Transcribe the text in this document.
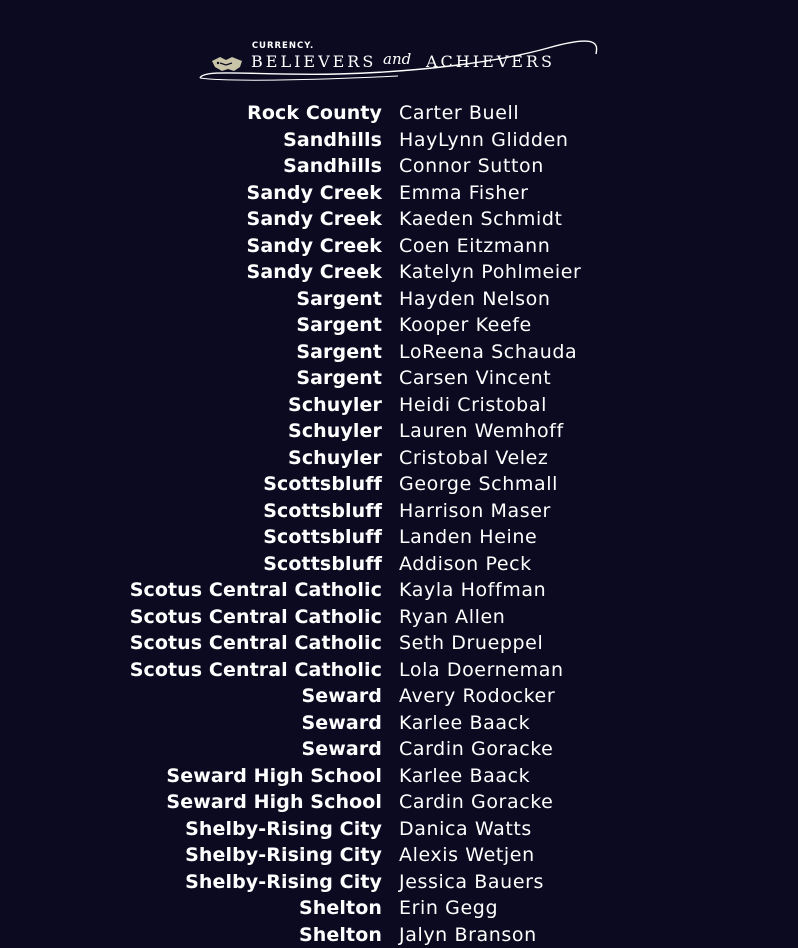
CURRENCY.
BELIEVERS and ACHIEVERS
Rock County Carter Buell
Sandhills HayLynn Glidden
Sandhills Connor Sutton
Sandy Creek Emma Fisher
Sandy Creek Kaeden Schmidt
Sandy Creek Coen Eitzmann
Sandy Creek Katelyn Pohlmeier
Sargent Hayden Nelson
Sargent Kooper Keefe
Sargent LoReena Schauda
Sargent Carsen Vincent
Schuyler Heidi Cristobal
Schuyler Lauren Wemhoff
Schuyler Cristobal Velez
Scottsbluff George Schmall
Scottsbluff Harrison Maser
Scottsbluff Landen Heine
Scottsbluff Addison Peck
Scotus Central Catholic Kayla Hoffman
Scotus Central Catholic Ryan Allen
Scotus Central Catholic Seth Drueppel
Scotus Central Catholic Lola Doerneman
Seward Avery Rodocker
Seward Karlee Baack
Seward Cardin Goracke
Seward High School Karlee Baack
Seward High School Cardin Goracke
Shelby-Rising City Danica Watts
Shelby-Rising City Alexis Wetjen
Shelby-Rising City Jessica Bauers
Shelton Erin Gegg
Shelton Jalyn Branson
